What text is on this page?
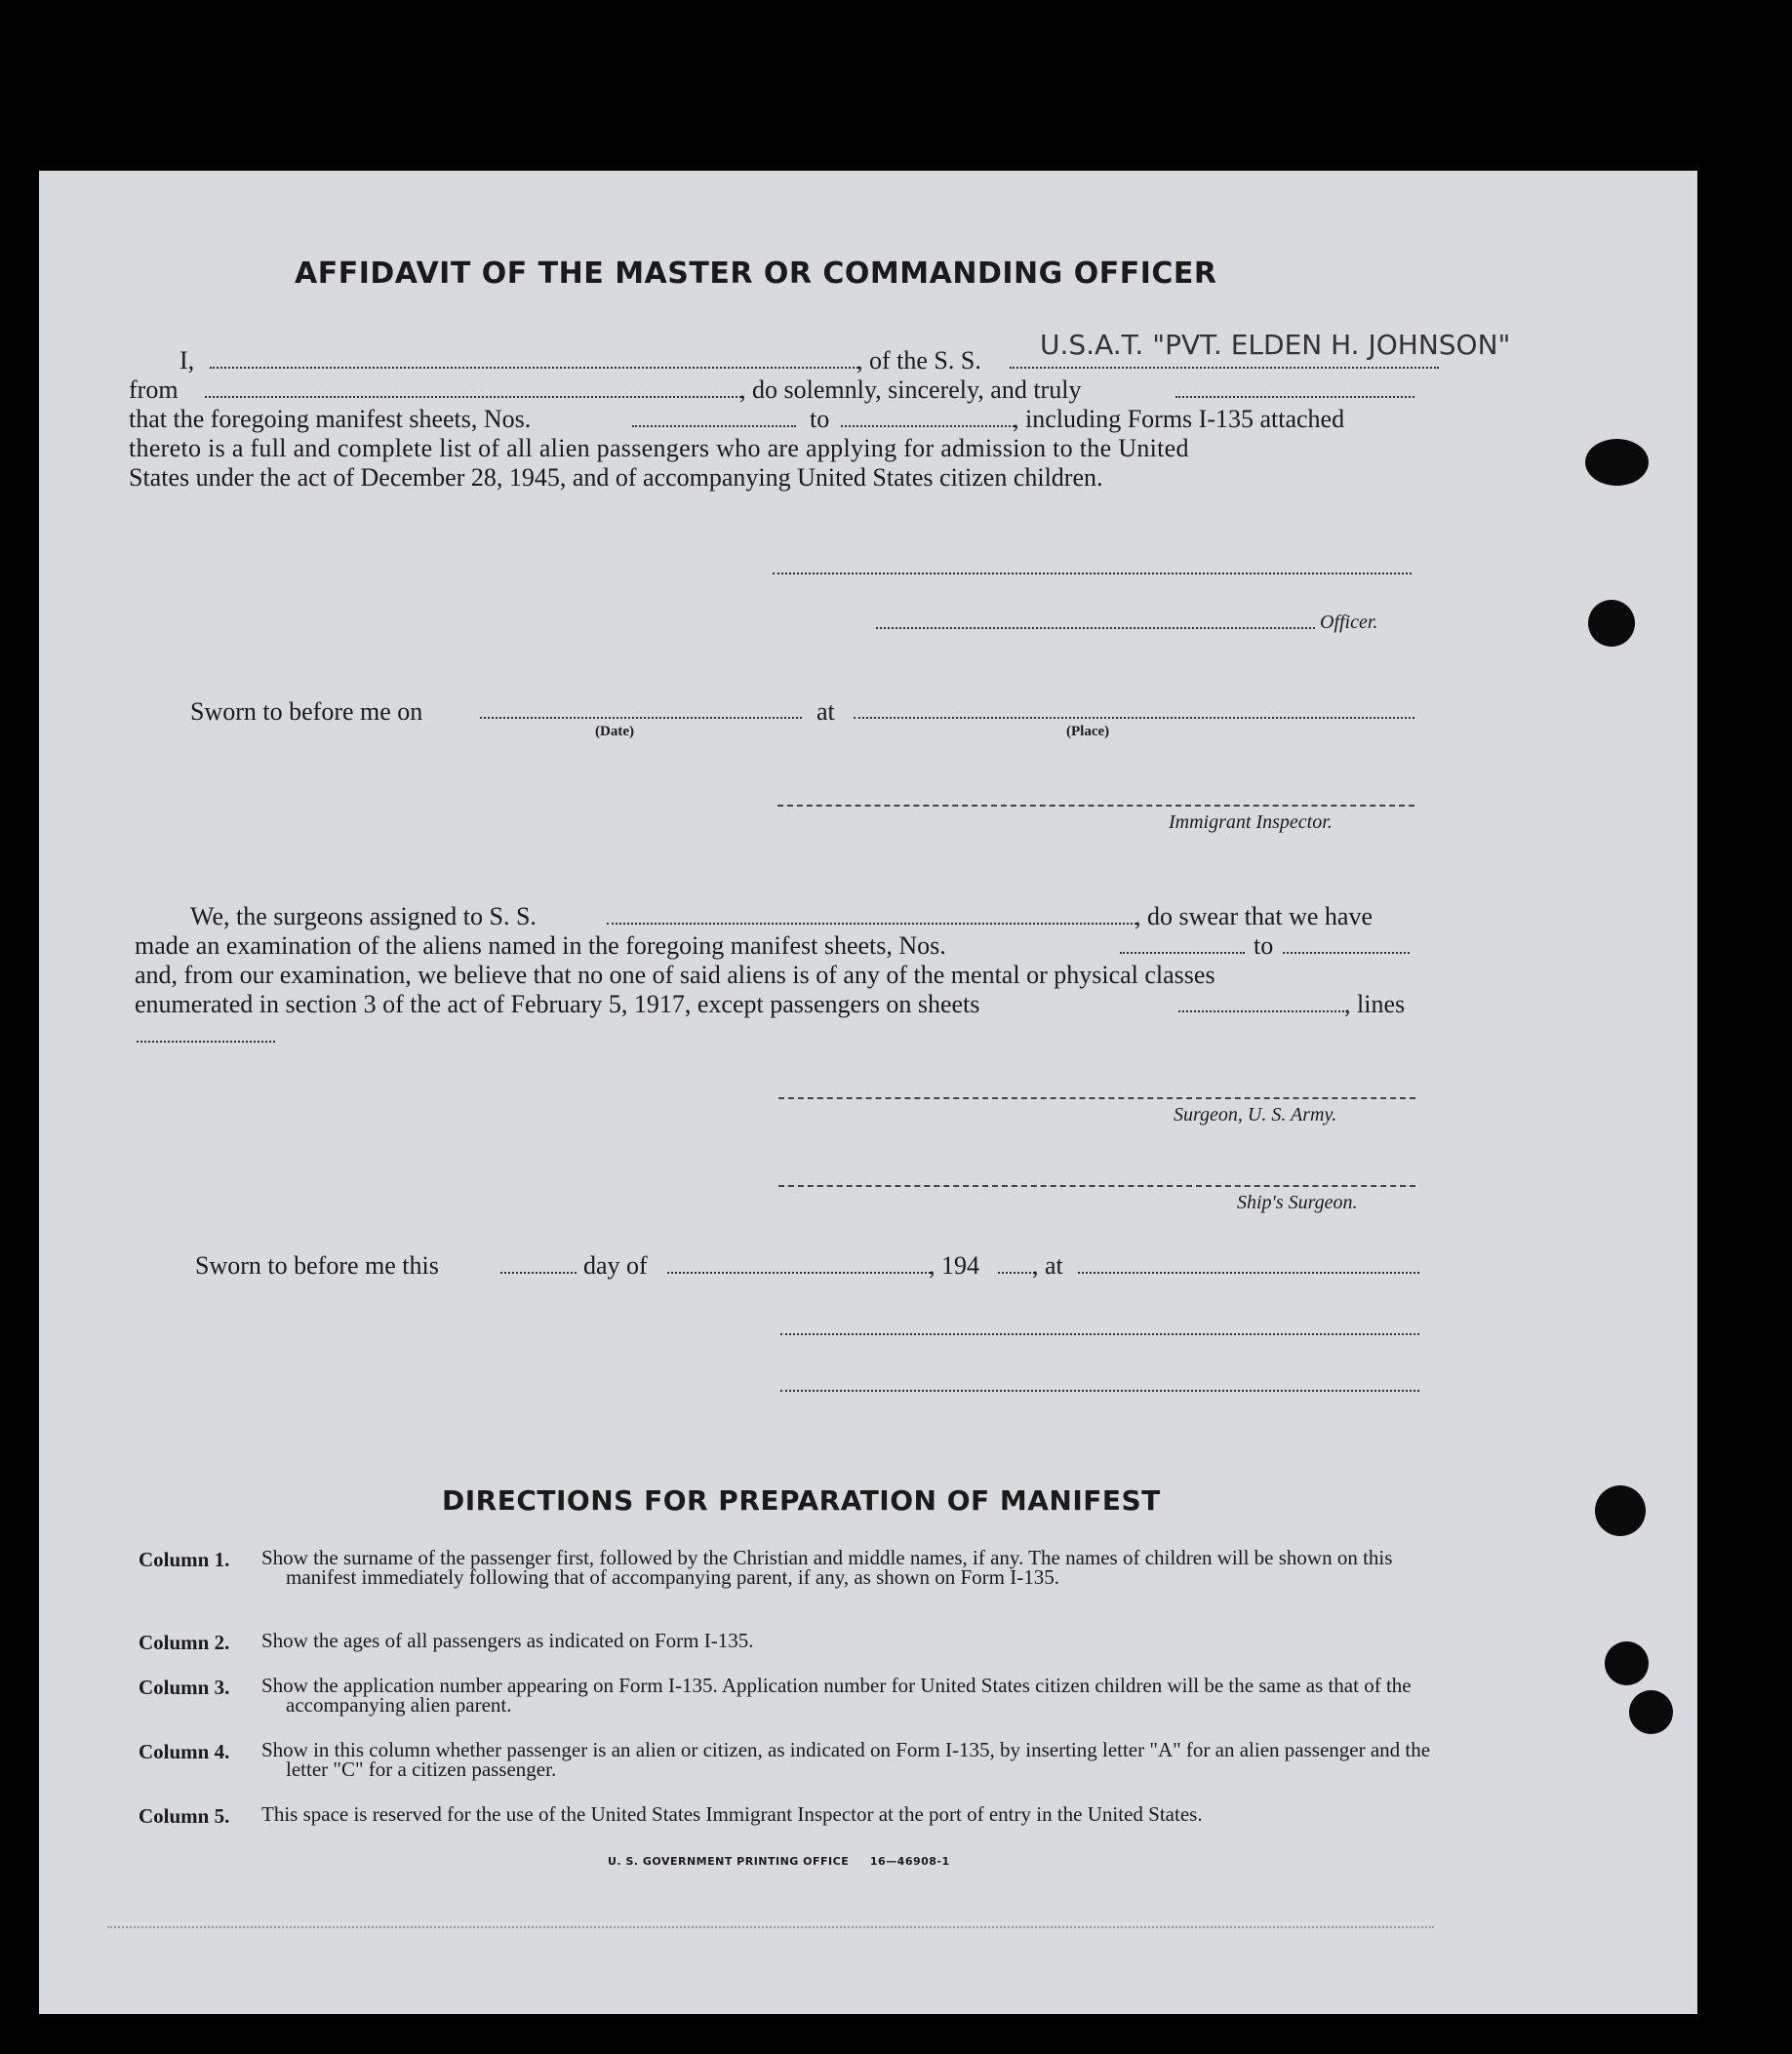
AFFIDAVIT OF THE MASTER OR COMMANDING OFFICER
I,	, of the S. S. U.S.A.T. "PVT. ELDEN H. JOHNSON"
from	, do solemnly, sincerely, and truly
that the foregoing manifest sheets, Nos.	to	, including Forms I-135 attached
thereto is a full and complete list of all alien passengers who are applying for admission to the United
States under the act of December 28, 1945, and of accompanying United States citizen children.
Officer.
Sworn to before me on
(Date)
at
(Place)
Immigrant Inspector.
We, the surgeons assigned to S. S.	, do swear that we have
made an examination of the aliens named in the foregoing manifest sheets, Nos.	to
and, from our examination, we believe that no one of said aliens is of any of the mental or physical classes
enumerated in section 3 of the act of February 5, 1917, except passengers on sheets	, lines
Surgeon, U. S. Army.
Ship's Surgeon.
Sworn to before me this	day of	, 194 , at
DIRECTIONS FOR PREPARATION OF MANIFEST
Column 1. Show the surname of the passenger first, followed by the Christian and middle names, if any. The names of children will be shown on this manifest immediately following that of accompanying parent, if any, as shown on Form I-135.
Column 2. Show the ages of all passengers as indicated on Form I-135.
Column 3. Show the application number appearing on Form I-135. Application number for United States citizen children will be the same as that of the accompanying alien parent.
Column 4. Show in this column whether passenger is an alien or citizen, as indicated on Form I-135, by inserting letter "A" for an alien passenger and the letter "C" for a citizen passenger.
Column 5. This space is reserved for the use of the United States Immigrant Inspector at the port of entry in the United States.
U. S. GOVERNMENT PRINTING OFFICE     16—46908-1
